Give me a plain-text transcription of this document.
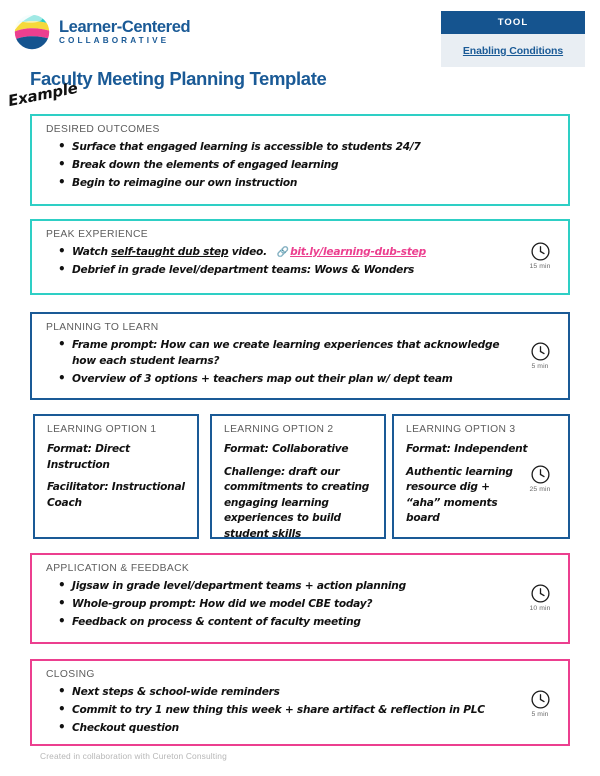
Learner-Centered
COLLABORATIVE
TOOL
Enabling Conditions
Faculty Meeting Planning Template
Example
DESIRED OUTCOMES
• Surface that engaged learning is accessible to students 24/7
• Break down the elements of engaged learning
• Begin to reimagine our own instruction
PEAK EXPERIENCE
• Watch self-taught dub step video. 🔗bit.ly/learning-dub-step
• Debrief in grade level/department teams: Wows & Wonders	15 min
PLANNING TO LEARN
• Frame prompt: How can we create learning experiences that acknowledge how each student learns?
• Overview of 3 options + teachers map out their plan w/ dept team
5 min
LEARNING OPTION 1
Format: Direct Instruction
Facilitator: Instructional Coach
LEARNING OPTION 2
Format: Collaborative
Challenge: draft our commitments to creating engaging learning experiences to build student skills
LEARNING OPTION 3
Format: Independent
Authentic learning resource dig + “aha” moments board
25 min
APPLICATION & FEEDBACK
• Jigsaw in grade level/department teams + action planning
• Whole-group prompt: How did we model CBE today?
• Feedback on process & content of faculty meeting
10 min
CLOSING
• Next steps & school-wide reminders
• Commit to try 1 new thing this week + share artifact & reflection in PLC
• Checkout question
5 min
Created in collaboration with Cureton Consulting
